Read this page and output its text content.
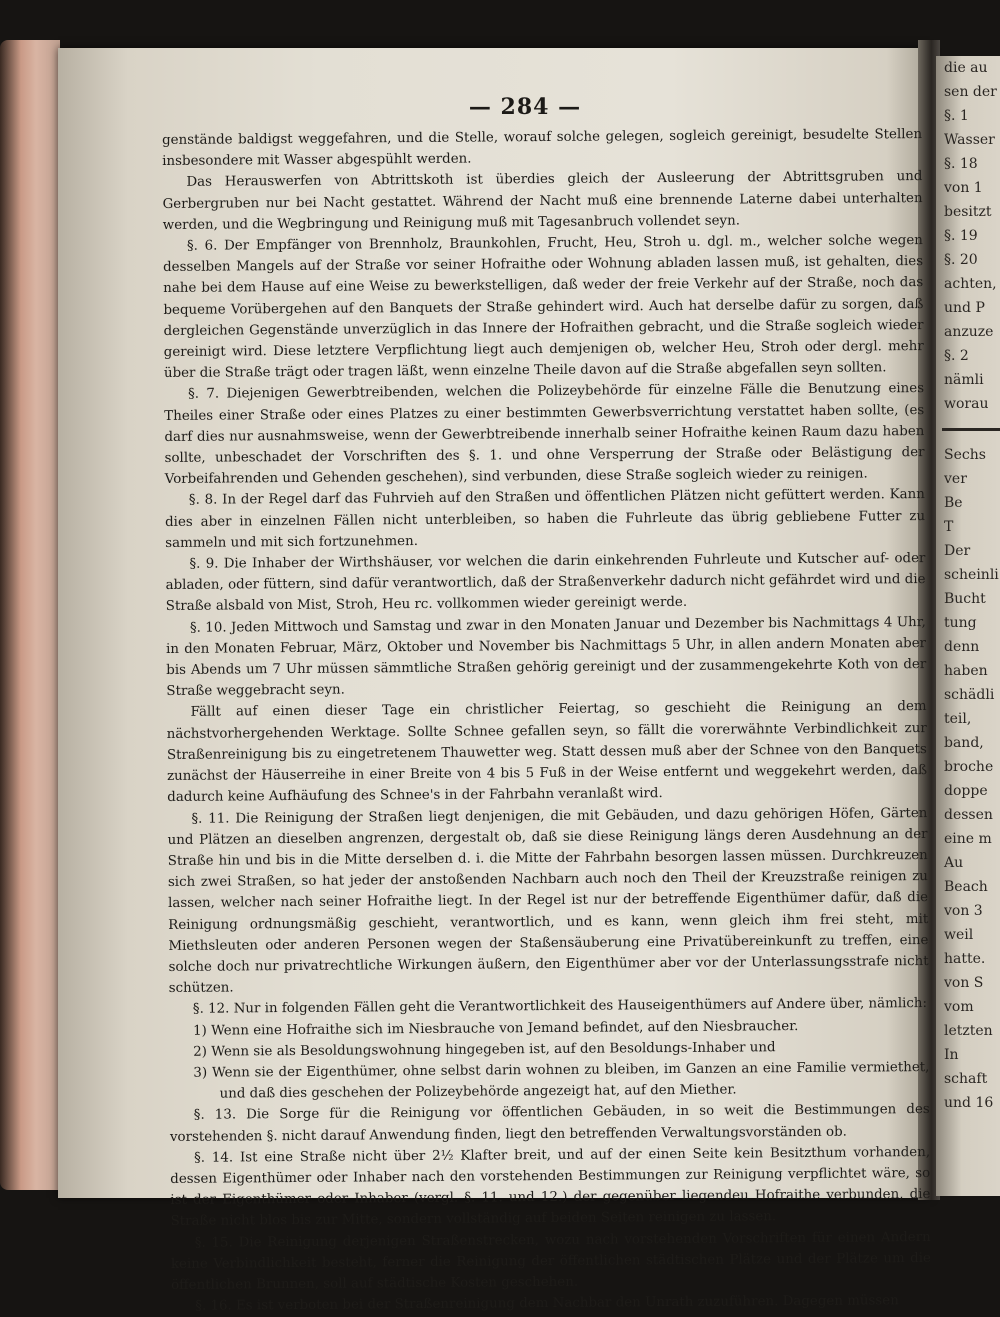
die au
sen der
§. 1
Wasser
§. 18
von 1
besitzt
§. 19
§. 20
achten,
und P
anzuze
§. 2
nämli
worau
Sechs
ver
Be
T
Der
scheinli
Bucht
tung
denn
haben
schädli
teil,
band,
broche
doppe
dessen
eine m
Au
Beach
von 3
weil
hatte.
von S
vom
letzten
In
schaft
und 16
— 284 —

genstände baldigst weggefahren, und die Stelle, worauf solche gelegen, sogleich gereinigt, besudelte Stellen insbesondere mit Wasser abgespühlt werden.

Das Herauswerfen von Abtrittskoth ist überdies gleich der Ausleerung der Abtrittsgruben und Gerbergruben nur bei Nacht gestattet. Während der Nacht muß eine brennende Laterne dabei unterhalten werden, und die Wegbringung und Reinigung muß mit Tagesanbruch vollendet seyn.

§. 6. Der Empfänger von Brennholz, Braunkohlen, Frucht, Heu, Stroh u. dgl. m., welcher solche wegen desselben Mangels auf der Straße vor seiner Hofraithe oder Wohnung abladen lassen muß, ist gehalten, dies nahe bei dem Hause auf eine Weise zu bewerkstelligen, daß weder der freie Verkehr auf der Straße, noch das bequeme Vorübergehen auf den Banquets der Straße gehindert wird. Auch hat derselbe dafür zu sorgen, daß dergleichen Gegenstände unverzüglich in das Innere der Hofraithen gebracht, und die Straße sogleich wieder gereinigt wird. Diese letztere Verpflichtung liegt auch demjenigen ob, welcher Heu, Stroh oder dergl. mehr über die Straße trägt oder tragen läßt, wenn einzelne Theile davon auf die Straße abgefallen seyn sollten.

§. 7. Diejenigen Gewerbtreibenden, welchen die Polizeybehörde für einzelne Fälle die Benutzung eines Theiles einer Straße oder eines Platzes zu einer bestimmten Gewerbsverrichtung verstattet haben sollte, (es darf dies nur ausnahmsweise, wenn der Gewerbtreibende innerhalb seiner Hofraithe keinen Raum dazu haben sollte, unbeschadet der Vorschriften des §. 1. und ohne Versperrung der Straße oder Belästigung der Vorbeifahrenden und Gehenden geschehen), sind verbunden, diese Straße sogleich wieder zu reinigen.

§. 8. In der Regel darf das Fuhrvieh auf den Straßen und öffentlichen Plätzen nicht gefüttert werden. Kann dies aber in einzelnen Fällen nicht unterbleiben, so haben die Fuhrleute das übrig gebliebene Futter zu sammeln und mit sich fortzunehmen.

§. 9. Die Inhaber der Wirthshäuser, vor welchen die darin einkehrenden Fuhrleute und Kutscher auf- oder abladen, oder füttern, sind dafür verantwortlich, daß der Straßenverkehr dadurch nicht gefährdet wird und die Straße alsbald von Mist, Stroh, Heu rc. vollkommen wieder gereinigt werde.

§. 10. Jeden Mittwoch und Samstag und zwar in den Monaten Januar und Dezember bis Nachmittags 4 Uhr, in den Monaten Februar, März, Oktober und November bis Nachmittags 5 Uhr, in allen andern Monaten aber bis Abends um 7 Uhr müssen sämmtliche Straßen gehörig gereinigt und der zusammengekehrte Koth von der Straße weggebracht seyn.

Fällt auf einen dieser Tage ein christlicher Feiertag, so geschieht die Reinigung an dem nächstvorhergehenden Werktage. Sollte Schnee gefallen seyn, so fällt die vorerwähnte Verbindlichkeit zur Straßenreinigung bis zu eingetretenem Thauwetter weg. Statt dessen muß aber der Schnee von den Banquets zunächst der Häuserreihe in einer Breite von 4 bis 5 Fuß in der Weise entfernt und weggekehrt werden, daß dadurch keine Aufhäufung des Schnee's in der Fahrbahn veranlaßt wird.

§. 11. Die Reinigung der Straßen liegt denjenigen, die mit Gebäuden, und dazu gehörigen Höfen, Gärten und Plätzen an dieselben angrenzen, dergestalt ob, daß sie diese Reinigung längs deren Ausdehnung an der Straße hin und bis in die Mitte derselben d. i. die Mitte der Fahrbahn besorgen lassen müssen. Durchkreuzen sich zwei Straßen, so hat jeder der anstoßenden Nachbarn auch noch den Theil der Kreuzstraße reinigen zu lassen, welcher nach seiner Hofraithe liegt. In der Regel ist nur der betreffende Eigenthümer dafür, daß die Reinigung ordnungsmäßig geschieht, verantwortlich, und es kann, wenn gleich ihm frei steht, mit Miethsleuten oder anderen Personen wegen der Staßensäuberung eine Privatübereinkunft zu treffen, eine solche doch nur privatrechtliche Wirkungen äußern, den Eigenthümer aber vor der Unterlassungsstrafe nicht schützen.

§. 12. Nur in folgenden Fällen geht die Verantwortlichkeit des Hauseigenthümers auf Andere über, nämlich:

1) Wenn eine Hofraithe sich im Niesbrauche von Jemand befindet, auf den Niesbraucher.

2) Wenn sie als Besoldungswohnung hingegeben ist, auf den Besoldungs-Inhaber und

3) Wenn sie der Eigenthümer, ohne selbst darin wohnen zu bleiben, im Ganzen an eine Familie vermiethet, und daß dies geschehen der Polizeybehörde angezeigt hat, auf den Miether.

§. 13. Die Sorge für die Reinigung vor öffentlichen Gebäuden, in so weit die Bestimmungen des vorstehenden §. nicht darauf Anwendung finden, liegt den betreffenden Verwaltungsvorständen ob.

§. 14. Ist eine Straße nicht über 2½ Klafter breit, und auf der einen Seite kein Besitzthum vorhanden, dessen Eigenthümer oder Inhaber nach den vorstehenden Bestimmungen zur Reinigung verpflichtet wäre, so ist der Eigenthümer oder Inhaber (vergl. §. 11. und 12.) der gegenüber liegendeu Hofraithe verbunden, die Straße nicht blos bis zur Mitte, sondern vollständig auf beiden Seiten reinigen zu lassen.

§. 15. Die Reinigung derjenigen Straßenstrecken, wozu nach vorstehenden Vorschriften für einen Andern keine Verbindlichkeit besteht, ferner die Reinigung der öffentlichen städtischen Plätze und der Plätze um die öffentlichen Brunnen, soll auf städtische Kosten geschehen.

§. 16. Es ist verboten bei der Straßenreinigung dem Nachbar den Unrath zuzuführen. Dagegen müssen
